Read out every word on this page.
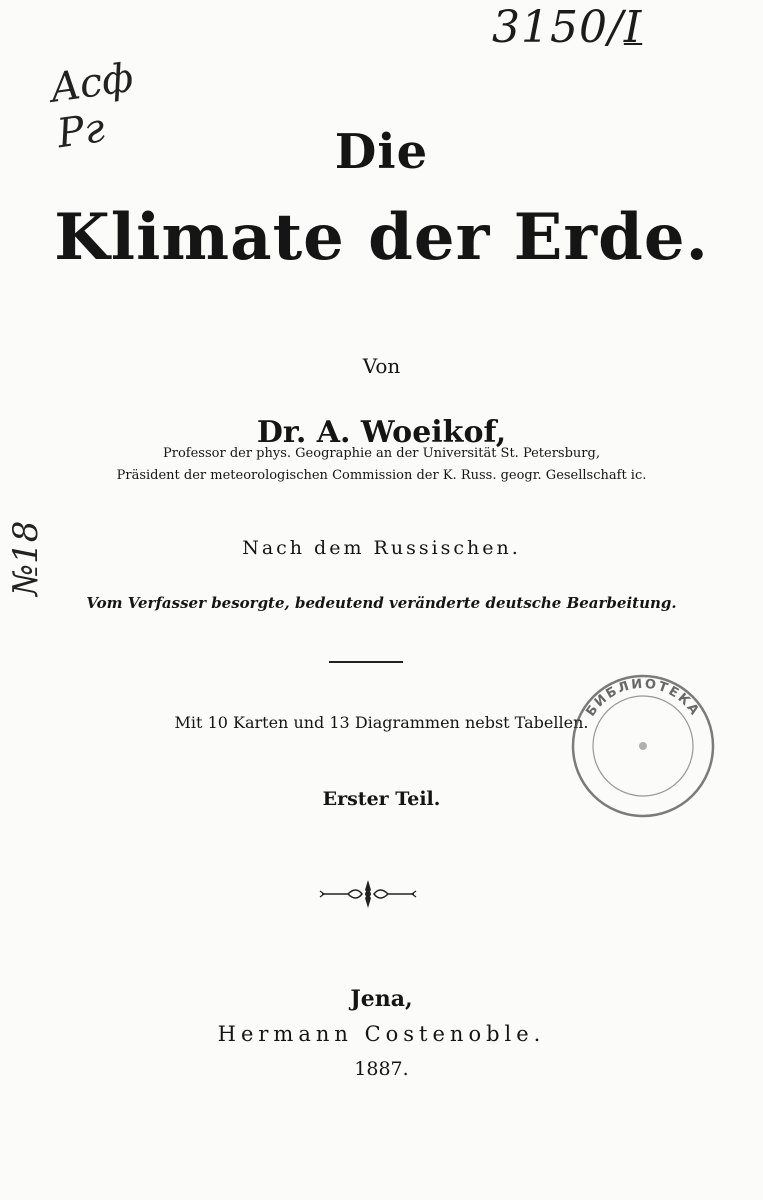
3150/I
Aсф
Рг
№18
Die
Klimate der Erde.
Von
Dr. A. Woeikof,
Professor der phys. Geographie an der Universität St. Petersburg,
Präsident der meteorologischen Commission der K. Russ. geogr. Gesellschaft ic.
Nach dem Russischen.
Vom Verfasser besorgte, bedeutend veränderte deutsche Bearbeitung.
Mit 10 Karten und 13 Diagrammen nebst Tabellen.
Erster Teil.
Jena,
Hermann Costenoble.
1887.
БИБЛИОТЕКА
